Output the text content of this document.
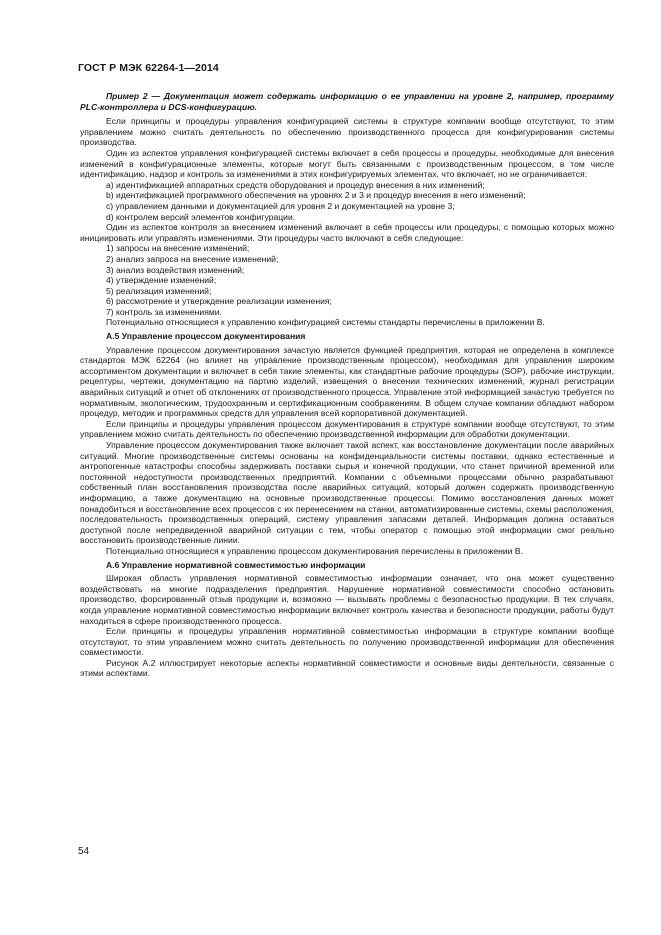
ГОСТ Р МЭК 62264-1—2014

Пример 2 — Документация может содержать информацию о ее управлении на уровне 2, например, программу PLC-контроллера и DCS-конфигурацию.

Если принципы и процедуры управления конфигурацией системы в структуре компании вообще отсутствуют, то этим управлением можно считать деятельность по обеспечению производственного процесса для конфигурирования системы производства.

Один из аспектов управления конфигурацией системы включает в себя процессы и процедуры, необходимые для внесения изменений в конфигурационные элементы, которые могут быть связанными с производственным процессом, в том числе идентификацию, надзор и контроль за изменениями в этих конфигурируемых элементах, что включает, но не ограничивается:

a) идентификацией аппаратных средств оборудования и процедур внесения в них изменений;

b) идентификацией программного обеспечения на уровнях 2 и 3 и процедур внесения в него изменений;

c) управлением данными и документацией для уровня 2 и документацией на уровне 3;

d) контролем версий элементов конфигурации.

Один из аспектов контроля за внесением изменений включает в себя процессы или процедуры, с помощью которых можно инициировать или управлять изменениями. Эти процедуры часто включают в себя следующие:

1) запросы на внесение изменений;

2) анализ запроса на внесение изменений;

3) анализ воздействия изменений;

4) утверждение изменений;

5) реализация изменений;

6) рассмотрение и утверждение реализации изменения;

7) контроль за изменениями.

Потенциально относящиеся к управлению конфигурацией системы стандарты перечислены в приложении В.

А.5 Управление процессом документирования

Управление процессом документирования зачастую является функцией предприятия, которая не определена в комплексе стандартов МЭК 62264 (но влияет на управление производственным процессом), необходимая для управления широким ассортиментом документации и включает в себя такие элементы, как стандартные рабочие процедуры (SOP), рабочие инструкции, рецептуры, чертежи, документацию на партию изделий, извещения о внесении технических изменений, журнал регистрации аварийных ситуаций и отчет об отклонениях от производственного процесса. Управление этой информацией зачастую требуется по нормативным, экологическим, трудоохранным и сертификационным соображениям. В общем случае компании обладают набором процедур, методик и программных средств для управления всей корпоративной документацией.

Если принципы и процедуры управления процессом документирования в структуре компании вообще отсутствуют, то этим управлением можно считать деятельность по обеспечению производственной информации для обработки документации.

Управление процессом документирования также включает такой аспект, как восстановление документации после аварийных ситуаций. Многие производственные системы основаны на конфиденциальности системы поставки, однако естественные и антропогенные катастрофы способны задерживать поставки сырья и конечной продукции, что станет причиной временной или постоянной недоступности производственных предприятий. Компании с объемными процессами обычно разрабатывают собственный план восстановления производства после аварийных ситуаций, который должен содержать производственную информацию, а также документацию на основные производственные процессы. Помимо восстановления данных может понадобиться и восстановление всех процессов с их перенесением на станки, автоматизированные системы, схемы расположения, последовательность производственных операций, систему управления запасами деталей. Информация должна оставаться доступной после непредвиденной аварийной ситуации с тем, чтобы оператор с помощью этой информации смог реально восстановить производственные линии.

Потенциально относящиеся к управлению процессом документирования перечислены в приложении В.

А.6 Управление нормативной совместимостью информации

Широкая область управления нормативной совместимостью информации означает, что она может существенно воздействовать на многие подразделения предприятия. Нарушение нормативной совместимости способно остановить производство, форсированный отзыв продукции и, возможно — вызывать проблемы с безопасностью продукции. В тех случаях, когда управление нормативной совместимостью информации включает контроль качества и безопасности продукции, работы будут находиться в сфере производственного процесса.

Если принципы и процедуры управления нормативной совместимостью информации в структуре компании вообще отсутствуют, то этим управлением можно считать деятельность по получению производственной информации для обеспечения совместимости.

Рисунок А.2 иллюстрирует некоторые аспекты нормативной совместимости и основные виды деятельности, связанные с этими аспектами.

54
